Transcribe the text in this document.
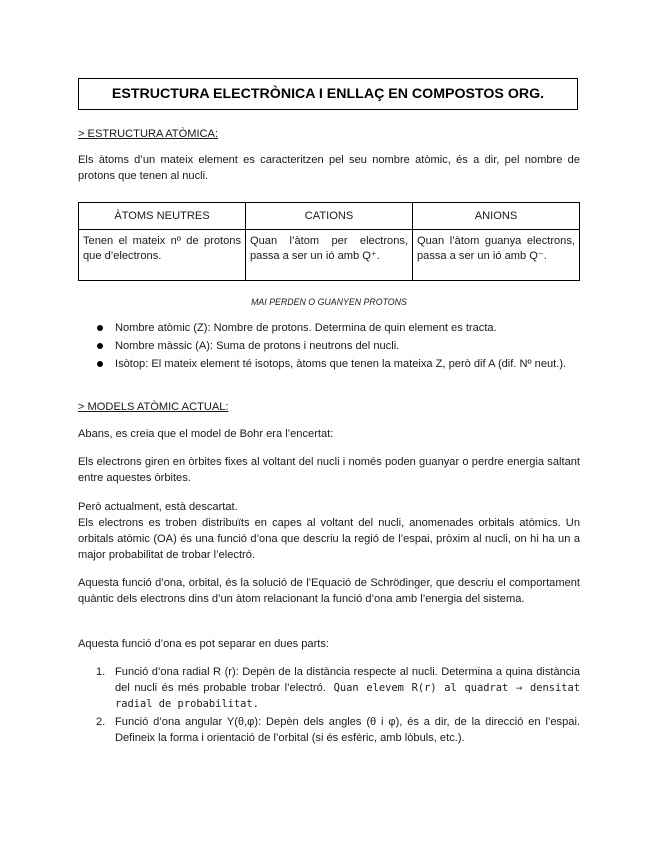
ESTRUCTURA ELECTRÒNICA I ENLLAÇ EN COMPOSTOS ORG.
> ESTRUCTURA ATÒMICA:
Els àtoms d’un mateix element es caracteritzen pel seu nombre atòmic, és a dir, pel nombre de protons que tenen al nucli.
ÀTOMS NEUTRES	CATIONS	ANIONS
Tenen el mateix nº de protons que d’electrons.	Quan l’àtom per electrons, passa a ser un ió amb Q⁺.	Quan l’àtom guanya electrons, passa a ser un ió amb Q⁻.
MAI PERDEN O GUANYEN PROTONS
Nombre atòmic (Z): Nombre de protons. Determina de quin element es tracta.
Nombre màssic (A): Suma de protons i neutrons del nucli.
Isòtop: El mateix element té isotops, àtoms que tenen la mateixa Z, però dif A (dif. Nº neut.).
> MODELS ATÒMIC ACTUAL:
Abans, es creia que el model de Bohr era l’encertat:
Els electrons giren en òrbites fixes al voltant del nucli i només poden guanyar o perdre energia saltant entre aquestes òrbites.
Però actualment, està descartat.
Els electrons es troben distribuïts en capes al voltant del nucli, anomenades orbitals atòmics. Un orbitals atòmic (OA) és una funció d’ona que descriu la regió de l’espai, pròxim al nucli, on hi ha un a major probabilitat de trobar l’electró.
Aquesta funció d’ona, orbital, és la solució de l’Equació de Schrödinger, que descriu el comportament quàntic dels electrons dins d’un àtom relacionant la funció d’ona amb l’energia del sistema.
Aquesta funció d’ona es pot separar en dues parts:
1. Funció d’ona radial R (r): Depèn de la distància respecte al nucli. Determina a quina distància del nucli és més probable trobar l’electró. Quan elevem R(r) al quadrat → densitat radial de probabilitat.
2. Funció d’ona angular Y(θ,φ): Depèn dels angles (θ i φ), és a dir, de la direcció en l’espai. Defineix la forma i orientació de l’orbital (si és esfèric, amb lòbuls, etc.).
